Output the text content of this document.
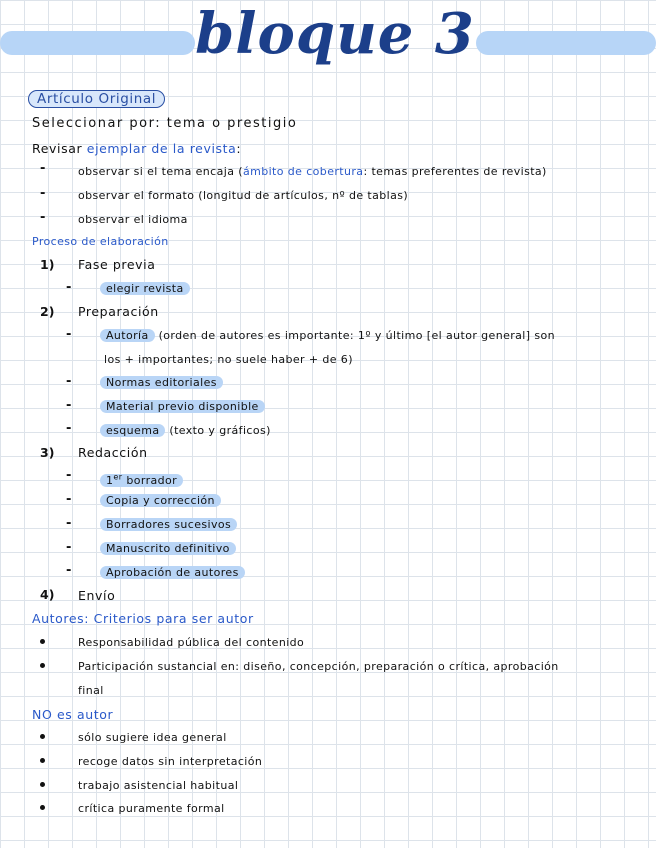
bloque 3
Artículo Original
Seleccionar por: tema o prestigio
Revisar ejemplar de la revista:
-	observar si el tema encaja (ámbito de cobertura: temas preferentes de revista)
-	observar el formato (longitud de artículos, nº de tablas)
-	observar el idioma
Proceso de elaboración
1) Fase previa
-	elegir revista
2) Preparación
-	Autoría (orden de autores es importante: 1º y último [el autor general] son
los + importantes; no suele haber + de 6)
-	Normas editoriales
-	Material previo disponible
-	esquema (texto y gráficos)
3) Redacción
-	1er borrador
-	Copia y corrección
-	Borradores sucesivos
-	Manuscrito definitivo
-	Aprobación de autores
4) Envío
Autores: Criterios para ser autor
Responsabilidad pública del contenido
Participación sustancial en: diseño, concepción, preparación o crítica, aprobación
final
NO es autor
sólo sugiere idea general
recoge datos sin interpretación
trabajo asistencial habitual
crítica puramente formal
